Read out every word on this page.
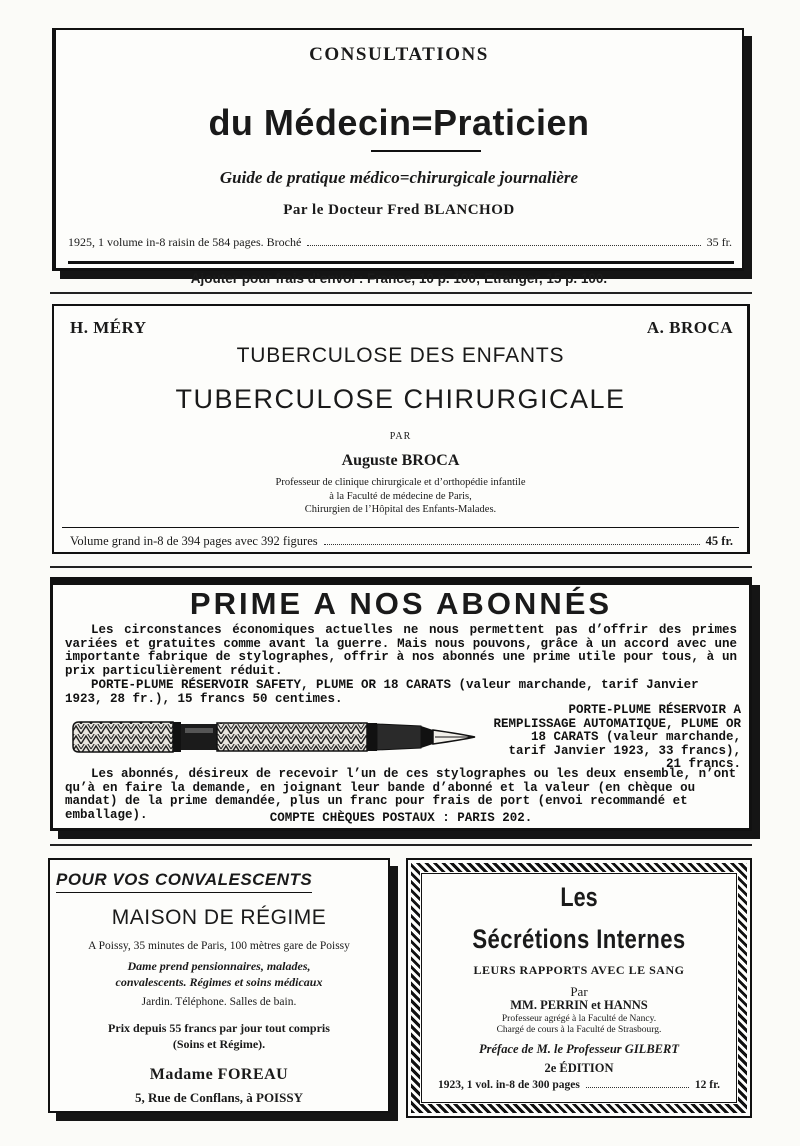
CONSULTATIONS
du Médecin=Praticien
Guide de pratique médico=chirurgicale journalière
Par le Docteur Fred BLANCHOD
1925, 1 volume in-8 raisin de 584 pages. Broché	35 fr.
Ajouter pour frais d’envoi : France, 10 p. 100; Etranger, 15 p. 100.
H. MÉRY	A. BROCA
TUBERCULOSE DES ENFANTS
TUBERCULOSE CHIRURGICALE
PAR
Auguste BROCA
Professeur de clinique chirurgicale et d’orthopédie infantile
à la Faculté de médecine de Paris,
Chirurgien de l’Hôpital des Enfants-Malades.
Volume grand in-8 de 394 pages avec 392 figures	45 fr.
PRIME A NOS ABONNÉS
Les circonstances économiques actuelles ne nous permettent pas d’offrir des primes variées et gratuites comme avant la guerre. Mais nous pouvons, grâce à un accord avec une importante fabrique de stylographes, offrir à nos abonnés une prime utile pour tous, à un prix particulièrement réduit.
PORTE-PLUME RÉSERVOIR SAFETY, PLUME OR 18 CARATS (valeur marchande, tarif Janvier 1923, 28 fr.), 15 francs 50 centimes.
PORTE-PLUME RÉSERVOIR A REMPLISSAGE AUTOMATIQUE, PLUME OR 18 CARATS (valeur marchande, tarif Janvier 1923, 33 francs), 21 francs.
Les abonnés, désireux de recevoir l’un de ces stylographes ou les deux ensemble, n’ont qu’à en faire la demande, en joignant leur bande d’abonné et la valeur (en chèque ou mandat) de la prime demandée, plus un franc pour frais de port (envoi recommandé et emballage).	COMPTE CHÈQUES POSTAUX : PARIS 202.
POUR VOS CONVALESCENTS
MAISON DE RÉGIME
A Poissy, 35 minutes de Paris, 100 mètres gare de Poissy
Dame prend pensionnaires, malades,
convalescents. Régimes et soins médicaux
Jardin. Téléphone. Salles de bain.
Prix depuis 55 francs par jour tout compris
(Soins et Régime).
Madame FOREAU
5, Rue de Conflans, à POISSY
Les
Sécrétions Internes
LEURS RAPPORTS AVEC LE SANG
Par
MM. PERRIN et HANNS
Professeur agrégé à la Faculté de Nancy.
Chargé de cours à la Faculté de Strasbourg.
Préface de M. le Professeur GILBERT
2e ÉDITION
1923, 1 vol. in-8 de 300 pages	12 fr.
